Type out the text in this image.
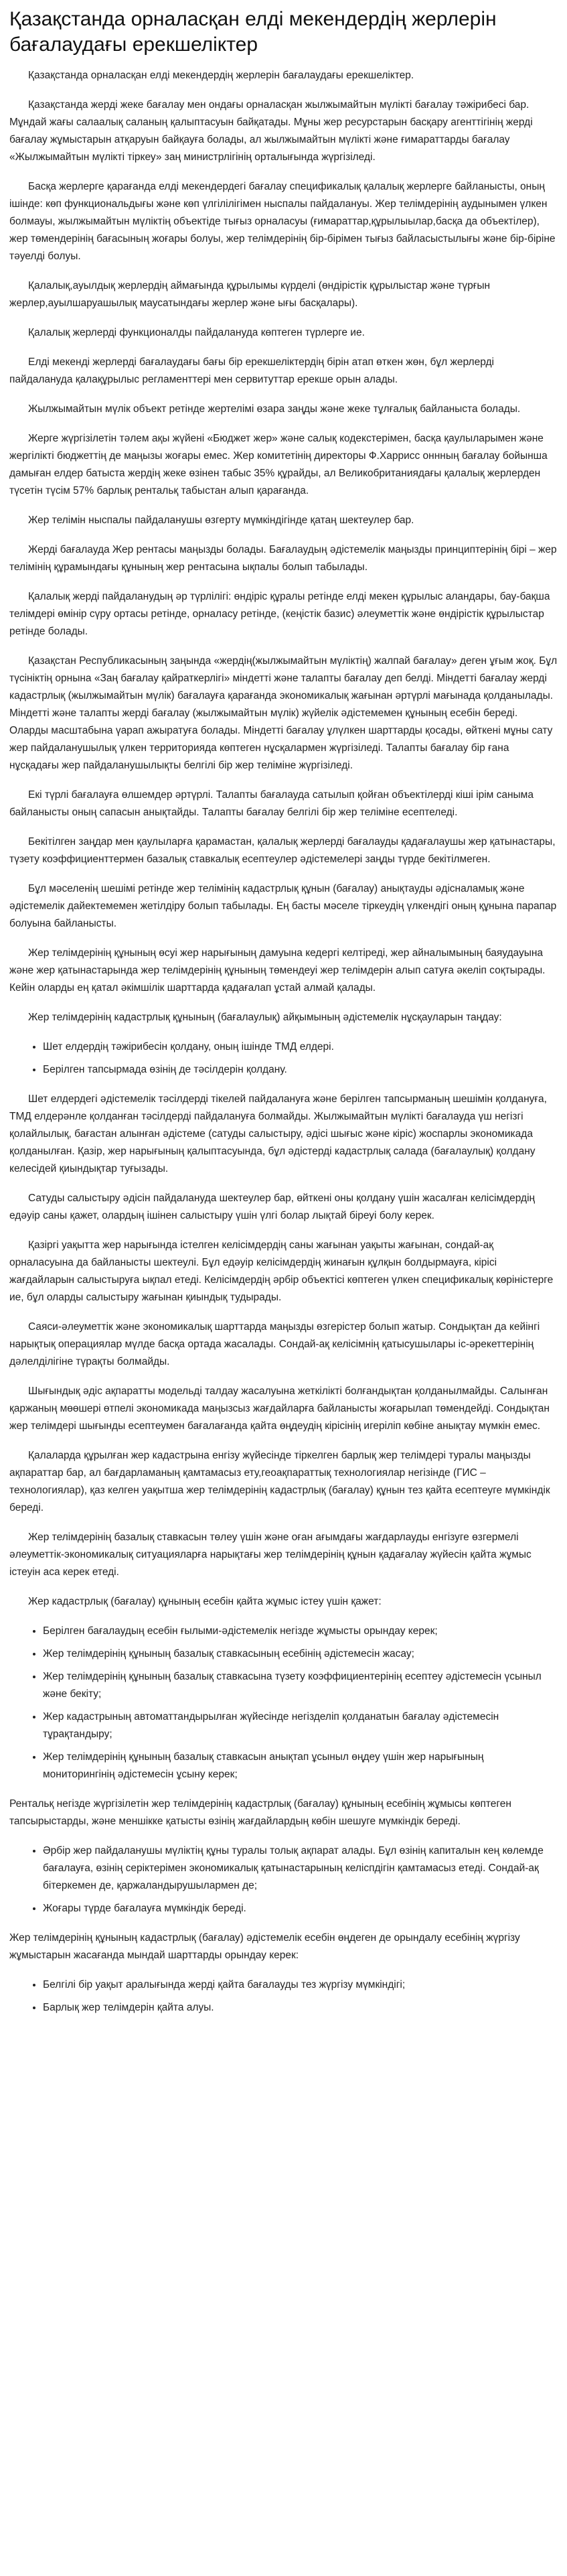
Қазақстанда орналасқан елді мекендердің жерлерін бағалаудағы ерекшеліктер

Қазақстанда орналасқан елді мекендердің жерлерін бағалаудағы ерекшеліктер.

Қазақстанда жерді жеке бағалау мен ондағы орналасқан жылжымайтын мүлікті бағалау тәжірибесі бар. Мұндай жағы салаалық саланың қалыптасуын байқатады. Мұны жер ресурстарын басқару агенттігінің жерді бағалау жұмыстарын атқаруын байқауға болады, ал жылжымайтын мүлікті және ғимараттарды бағалау «Жылжымайтын мүлікті тіркеу» заң министрлігінің орталығында жүргізіледі.

Басқа жерлерге қарағанда елді мекендердегі бағалау спецификалық қалалық жерлерге байланысты, оның ішінде: көп функциональдығы және көп үлгілілігімен ныспалы пайдалануы. Жер телімдерінің аудынымен үлкен болмауы, жылжымайтын мүліктің объектіде тығыз орналасуы (ғимараттар,құрылыылар,басқа да объектілер), жер төмендерінің бағасының жоғары болуы, жер телімдерінің бір-бірімен тығыз байласыстылығы және бір-біріне тәуелді болуы.

Қалалық,ауылдық жерлердің аймағында құрылымы күрделі (өндірістік құрылыстар және түрғын жерлер,ауылшаруашылық маусатындағы жерлер және ығы басқалары).

Қалалық жерлерді функционалды пайдалануда көптеген түрлерге ие.

Елді мекенді жерлерді бағалаудағы бағы бір ерекшеліктердің бірін атап өткен жөн, бұл жерлерді пайдалануда қалақұрылыс регламенттері мен сервитуттар ерекше орын алады.

Жылжымайтын мүлік объект ретінде жертелімі өзара заңды және жеке тұлғалық байланыста болады.

Жерге жүргізілетін тәлем ақы жүйені «Бюджет жер» және салық кодекстерімен, басқа қаулыларымен және жергілікті бюджеттің де маңызы жоғары емес. Жер комитетінің директоры Ф.Харрисс оннның бағалау бойынша дамыған елдер батыста жердің жеке өзінен табыс 35% құрайды, ал Великобританиядағы қалалық жерлерден түсетін түсім 57% барлық рентальқ табыстан алып қарағанда.

Жер телімін ныспалы пайдаланушы өзгерту мүмкіндігінде қатаң шектеулер бар.

Жерді бағалауда Жер рентасы маңызды болады. Бағалаудың әдістемелік маңызды принциптерінің бірі – жер телімінің құрамындағы құнының жер рентасына ықпалы болып табылады.

Қалалық жерді пайдаланудың әр түрлілігі: өндіріс құралы ретінде елді мекен құрылыс аландары, бау-бақша телімдері өмінір сүру ортасы ретінде, орналасу ретінде, (кеңістік базис) әлеуметтік және өндірістік құрылыстар ретінде болады.

Қазақстан Республикасының заңында «жердің(жылжымайтын мүліктің) жалпай бағалау» деген ұғым жоқ. Бұл түсініктің орнына «Заң бағалау қайраткерлігі» міндетті және талапты бағалау деп белді. Міндетті бағалау жерді кадастрлық (жылжымайтын мүлік) бағалауға қарағанда экономикалық жағынан әртүрлі мағынада қолданылады. Міндетті және талапты жерді бағалау (жылжымайтын мүлік) жүйелік әдістемемен құнының есебін береді. Оларды масштабына үарап ажыратуға болады. Міндетті бағалау ұлүлкен шарттарды қосады, өйткені мұны сату жер пайдаланушылық үлкен территорияда көптеген нұсқалармен жүргізіледі. Талапты бағалау бір ғана нұсқадағы жер пайдаланушылықты белгілі бір жер теліміне жүргізіледі.

Екі түрлі бағалауға өлшемдер әртүрлі. Талапты бағалауда сатылып қойған объектілерді кіші ірім саныма байланысты оның сапасын анықтайды. Талапты бағалау белгілі бір жер теліміне есептеледі.

Бекітілген заңдар мен қаулыларға қарамастан, қалалық жерлерді бағалауды қадағалаушы жер қатынастары, түзету коэффициенттермен базалық ставкалық есептеулер әдістемелері заңды түрде бекітілмеген.

Бұл мәселенің шешімі ретінде жер телімінің кадастрлық құнын (бағалау) анықтауды әдісналамық және әдістемелік дайектемемен жетілдіру болып табылады. Ең басты мәселе тіркеудің үлкендігі оның құнына парапар болуына байланысты.

Жер телімдерінің құнының өсуі жер нарығының дамуына кедергі келтіреді, жер айналымының баяудауына және жер қатынастарында жер телімдерінің құнының төмендеуі жер телімдерін алып сатуға әкеліп соқтырады. Кейін оларды ең қатал әкімшілік шарттарда қадағалап ұстай алмай қалады.

Жер телімдерінің кадастрлық құнының (бағалаулық) айқымының әдістемелік нұсқауларын таңдау:

• Шет елдердің тәжірибесін қолдану, оның ішінде ТМД елдері.
• Берілген тапсырмада өзінің де тәсілдерін қолдану.

Шет елдердегі әдістемелік тәсілдерді тікелей пайдалануға және берілген тапсырманың шешімін қолдануға, ТМД елдерәнле қолданған тәсілдерді пайдалануға болмайды. Жылжымайтын мүлікті бағалауда үш негізгі қолайлылық, бағастан алынған әдістеме (сатуды салыстыру, әдісі шығыс және кіріс) жоспарлы экономикада қолданылған. Қазір, жер нарығының қалыптасуында, бұл әдістерді кадастрлық салада (бағалаулық) қолдану келесідей қиындықтар туғызады.

Сатуды салыстыру әдісін пайдалануда шектеулер бар, өйткені оны қолдану үшін жасалған келісімдердің едәуір саны қажет, олардың ішінен салыстыру үшін үлгі болар лықтай біреуі болу керек.

Қазіргі уақытта жер нарығында істелген келісімдердің саны жағынан уақыты жағынан, сондай-ақ орналасуына да байланысты шектеулі. Бұл едәуір келісімдердің жинағын құлқын болдырмауға, кірісі жағдайларын салыстыруға ықпал етеді. Келісімдердің әрбір объектісі көптеген үлкен спецификалық көріністерге ие, бұл оларды салыстыру жағынан қиындық тудырады.

Саяси-әлеуметтік және экономикалық шарттарда маңызды өзгерістер болып жатыр. Сондықтан да кейінгі нарықтық операциялар мүлде басқа ортада жасалады. Сондай-ақ келісімнің қатысушылары іс-әрекеттерінің дәлелділігіне түрақты болмайды.

Шығындық әдіс ақпаратты модельді талдау жасалуына жеткілікті болғандықтан қолданылмайды. Салынған қаржаның мөөшері өтпелі экономикада маңызсыз жағдайларға байланысты жоғарылап төмендейді. Сондықтан жер телімдері шығынды есептеумен бағалағанда қайта өңдеудің кірісінің игеріліп көбіне анықтау мүмкін емес.

Қалаларда құрылған жер кадастрына енгізу жүйесінде тіркелген барлық жер телімдері туралы маңызды ақпараттар бар, ал бағдарламаның қамтамасыз ету,геоақпараттық технологиялар негізінде (ГИС – технологиялар), қаз келген уақытша жер телімдерінің кадастрлық (бағалау) құнын тез қайта есептеуге мүмкіндік береді.

Жер телімдерінің базалық ставкасын төлеу үшін және оған ағымдағы жағдарлауды енгізуге өзгермелі әлеуметтік-экономикалық ситуацияларға нарықтағы жер телімдерінің құнын қадағалау жүйесін қайта жұмыс істеуін аса керек етеді.

Жер кадастрлық (бағалау) құнының есебін қайта жұмыс істеу үшін қажет:

• Берілген бағалаудың есебін ғылыми-әдістемелік негізде жұмысты орындау керек;
• Жер телімдерінің құнының базалық ставкасының есебінің әдістемесін жасау;
• Жер телімдерінің құнының базалық ставкасына түзету коэффициентерінің есептеу әдістемесін үсыныл және бекіту;
• Жер кадастрының автоматтандырылған жүйесінде негізделіп қолданатын бағалау әдістемесін тұрақтандыру;
• Жер телімдерінің құнының базалық ставкасын анықтап ұсыныл өңдеу үшін жер нарығының мониторингінің әдістемесін ұсыну керек;

Рентальқ негізде жүргізілетін жер телімдерінің кадастрлық (бағалау) құнының есебінің жұмысы көптеген тапсырыстарды, және меншікке қатысты өзінің жағдайлардың көбін шешуге мүмкіндік береді.

• Әрбір жер пайдаланушы мүліктің құны туралы толық ақпарат алады. Бұл өзінің капиталын кең көлемде бағалауға, өзінің серіктерімен экономикалық қатынастарының келіспдігін қамтамасыз етеді. Сондай-ақ бітеркемен де, қаржаландырушылармен де;
• Жоғары түрде бағалауға мүмкіндік береді.

Жер телімдерінің құнының кадастрлық (бағалау) әдістемелік есебін өңдеген де орындалу есебінің жүргізу жұмыстарын жасағанда мындай шарттарды орындау керек:

• Белгілі бір уақыт аралығында жерді қайта бағалауды тез жүргізу мүмкіндігі;
• Барлық жер телімдерін қайта алуы.
